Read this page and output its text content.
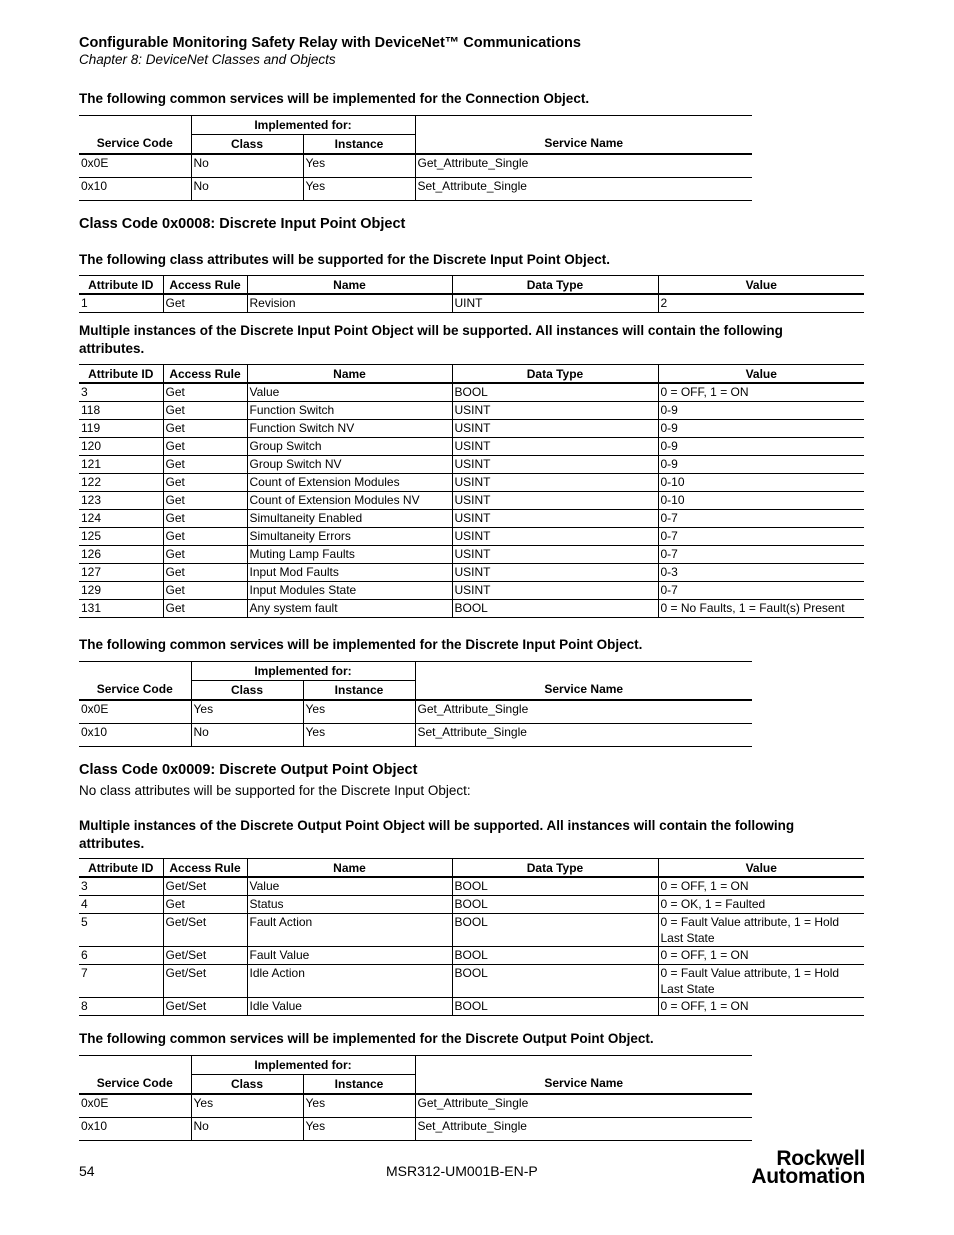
Configurable Monitoring Safety Relay with DeviceNet™ Communications
Chapter 8: DeviceNet Classes and Objects
The following common services will be implemented for the Connection Object.
Service Code	Implemented for:		Service Name
	Class	Instance	
0x0E	No	Yes	Get_Attribute_Single
0x10	No	Yes	Set_Attribute_Single
Class Code 0x0008: Discrete Input Point Object
The following class attributes will be supported for the Discrete Input Point Object.
Attribute ID	Access Rule	Name	Data Type	Value
1	Get	Revision	UINT	2
Multiple instances of the Discrete Input Point Object will be supported. All instances will contain the following attributes.
Attribute ID	Access Rule	Name	Data Type	Value
3	Get	Value	BOOL	0 = OFF, 1 = ON
118	Get	Function Switch	USINT	0-9
119	Get	Function Switch NV	USINT	0-9
120	Get	Group Switch	USINT	0-9
121	Get	Group Switch NV	USINT	0-9
122	Get	Count of Extension Modules	USINT	0-10
123	Get	Count of Extension Modules NV	USINT	0-10
124	Get	Simultaneity Enabled	USINT	0-7
125	Get	Simultaneity Errors	USINT	0-7
126	Get	Muting Lamp Faults	USINT	0-7
127	Get	Input Mod Faults	USINT	0-3
129	Get	Input Modules State	USINT	0-7
131	Get	Any system fault	BOOL	0 = No Faults, 1 = Fault(s) Present
The following common services will be implemented for the Discrete Input Point Object.
Service Code	Implemented for:		Service Name
	Class	Instance	
0x0E	Yes	Yes	Get_Attribute_Single
0x10	No	Yes	Set_Attribute_Single
Class Code 0x0009: Discrete Output Point Object
No class attributes will be supported for the Discrete Input Object:
Multiple instances of the Discrete Output Point Object will be supported. All instances will contain the following attributes.
Attribute ID	Access Rule	Name	Data Type	Value
3	Get/Set	Value	BOOL	0 = OFF, 1 = ON
4	Get	Status	BOOL	0 = OK, 1 = Faulted
5	Get/Set	Fault Action	BOOL	0 = Fault Value attribute, 1 = Hold Last State
6	Get/Set	Fault Value	BOOL	0 = OFF, 1 = ON
7	Get/Set	Idle Action	BOOL	0 = Fault Value attribute, 1 = Hold Last State
8	Get/Set	Idle Value	BOOL	0 = OFF, 1 = ON
The following common services will be implemented for the Discrete Output Point Object.
Service Code	Implemented for:		Service Name
	Class	Instance	
0x0E	Yes	Yes	Get_Attribute_Single
0x10	No	Yes	Set_Attribute_Single
54	MSR312-UM001B-EN-P
Rockwell
Automation
